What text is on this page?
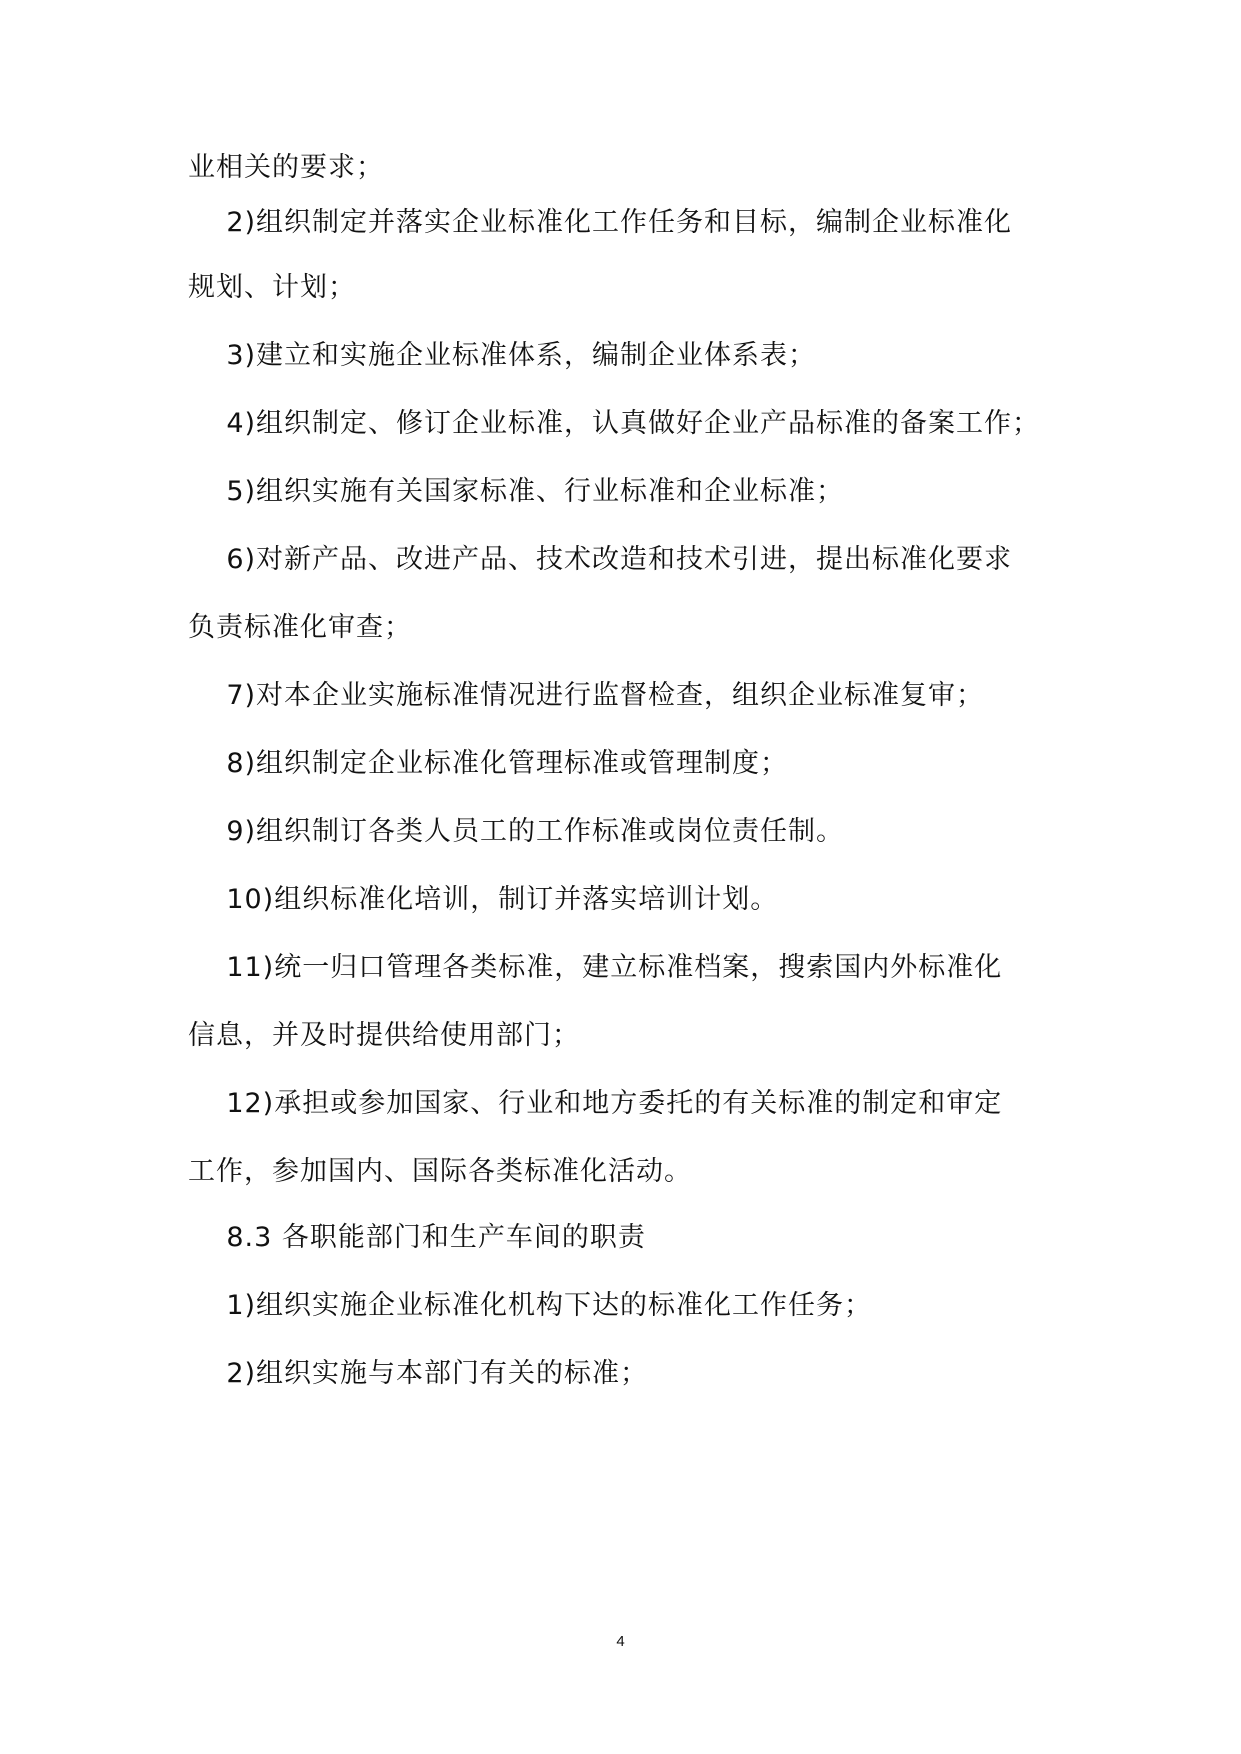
业相关的要求；
2)组织制定并落实企业标准化工作任务和目标，编制企业标准化
规划、计划；
3)建立和实施企业标准体系，编制企业体系表；
4)组织制定、修订企业标准，认真做好企业产品标准的备案工作；
5)组织实施有关国家标准、行业标准和企业标准；
6)对新产品、改进产品、技术改造和技术引进，提出标准化要求
负责标准化审查；
7)对本企业实施标准情况进行监督检查，组织企业标准复审；
8)组织制定企业标准化管理标准或管理制度；
9)组织制订各类人员工的工作标准或岗位责任制。
10)组织标准化培训，制订并落实培训计划。
11)统一归口管理各类标准，建立标准档案，搜索国内外标准化
信息，并及时提供给使用部门；
12)承担或参加国家、行业和地方委托的有关标准的制定和审定
工作，参加国内、国际各类标准化活动。
8.3 各职能部门和生产车间的职责
1)组织实施企业标准化机构下达的标准化工作任务；
2)组织实施与本部门有关的标准；
4
